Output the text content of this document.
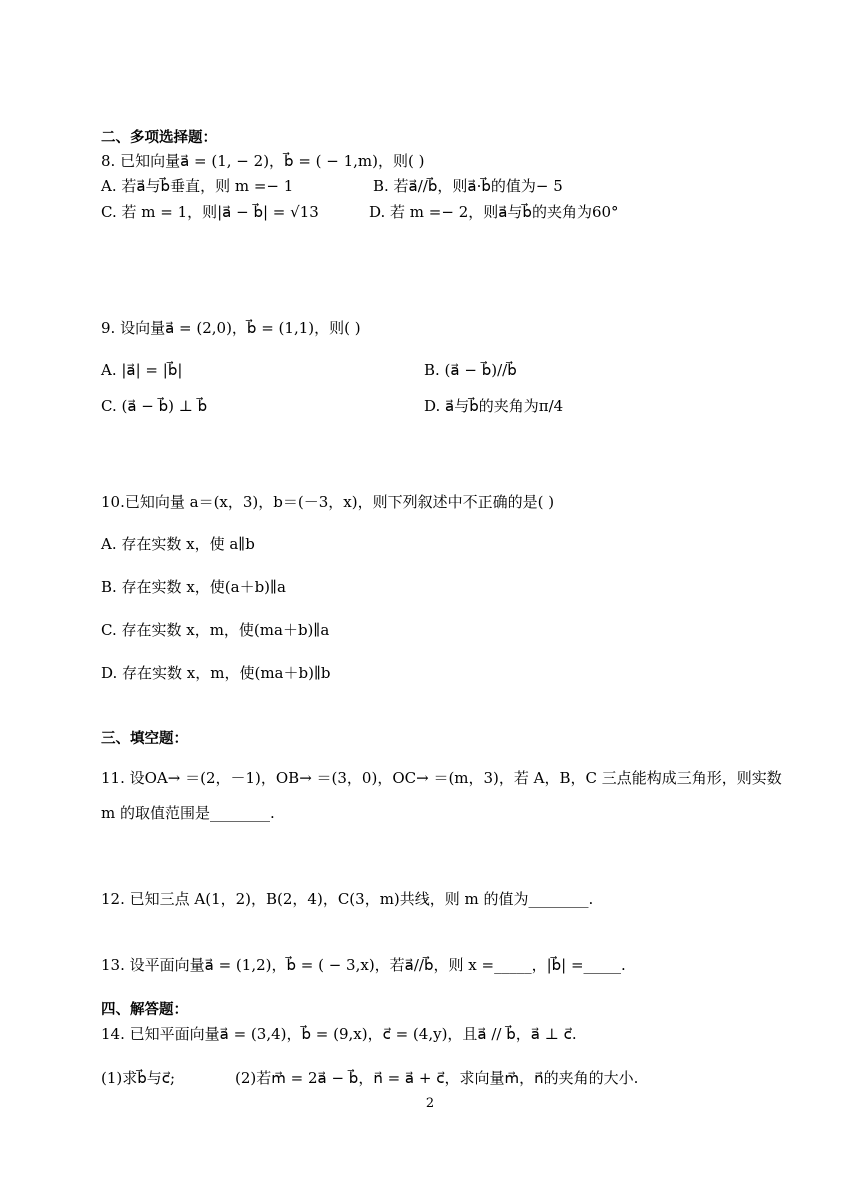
二、多项选择题：
8. 已知向量a⃗ = (1, − 2)，b⃗ = ( − 1,m)，则( )
A. 若a⃗与b⃗垂直，则 m =− 1	B. 若a⃗//b⃗，则a⃗·b⃗的值为− 5
C. 若 m = 1，则|a⃗ − b⃗| = √13	D. 若 m =− 2，则a⃗与b⃗的夹角为60°
9. 设向量a⃗ = (2,0)，b⃗ = (1,1)，则( )
A. |a⃗| = |b⃗|	B. (a⃗ − b⃗)//b⃗
C. (a⃗ − b⃗) ⊥ b⃗	D. a⃗与b⃗的夹角为π/4
10.已知向量 a＝(x，3)，b＝(－3，x)，则下列叙述中不正确的是( )
A. 存在实数 x，使 a∥b
B. 存在实数 x，使(a＋b)∥a
C. 存在实数 x，m，使(ma＋b)∥a
D. 存在实数 x，m，使(ma＋b)∥b
三、填空题：
11. 设OA→ ＝(2，－1)，OB→ ＝(3，0)，OC→ ＝(m，3)，若 A，B，C 三点能构成三角形，则实数
m 的取值范围是________.
12. 已知三点 A(1，2)，B(2，4)，C(3，m)共线，则 m 的值为________.
13. 设平面向量a⃗ = (1,2)，b⃗ = ( − 3,x)，若a⃗//b⃗，则 x =_____，|b⃗| =_____.
四、解答题：
14. 已知平面向量a⃗ = (3,4)，b⃗ = (9,x)，c⃗ = (4,y)，且a⃗ // b⃗，a⃗ ⊥ c⃗.
(1)求b⃗与c⃗;	(2)若m⃗ = 2a⃗ − b⃗，n⃗ = a⃗ + c⃗，求向量m⃗，n⃗的夹角的大小.
2
